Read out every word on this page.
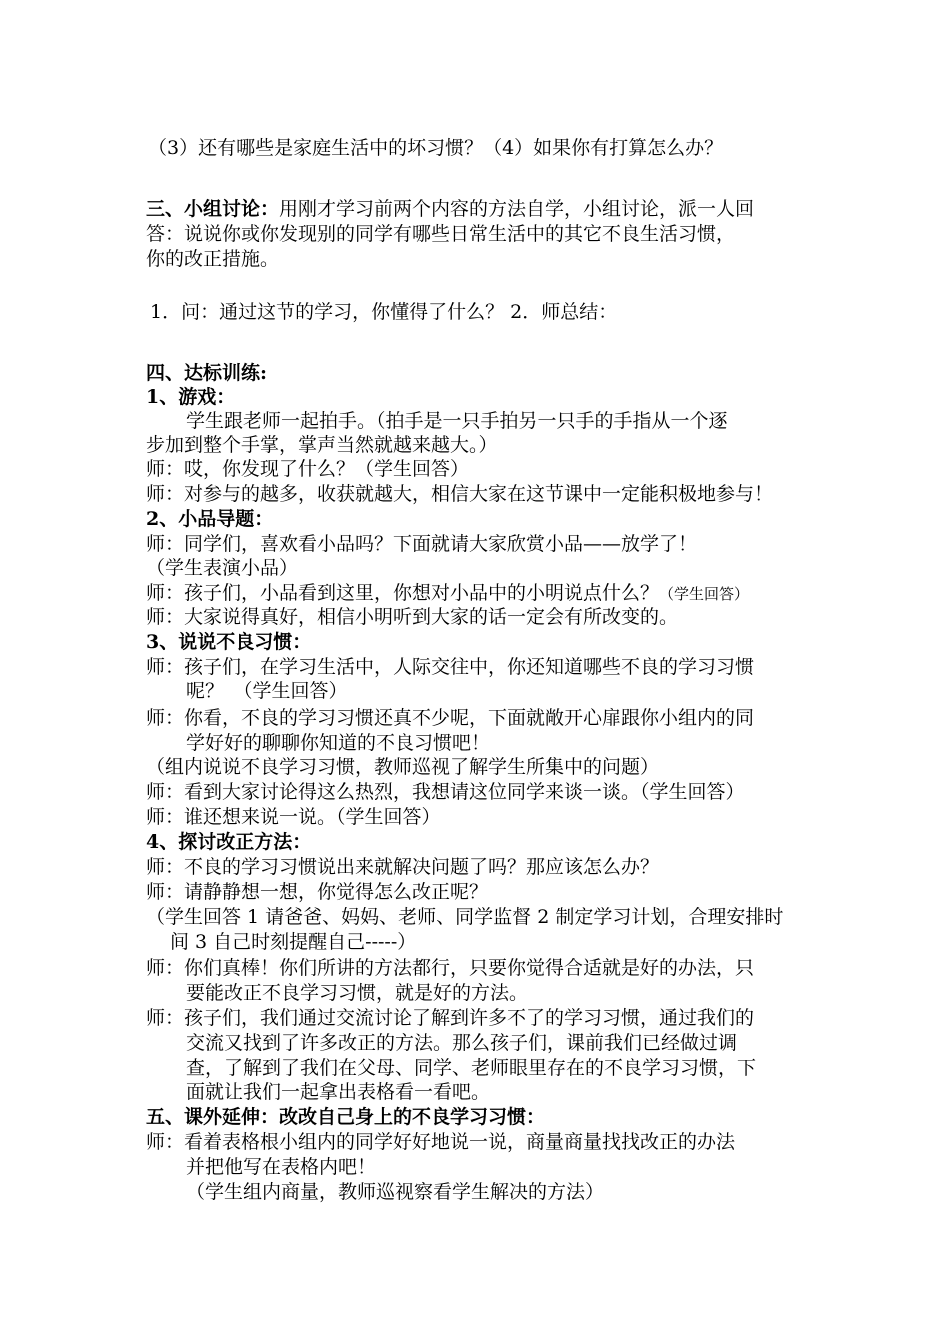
（3）还有哪些是家庭生活中的坏习惯？（4）如果你有打算怎么办？
三、小组讨论：用刚才学习前两个内容的方法自学，小组讨论，派一人回
答：说说你或你发现别的同学有哪些日常生活中的其它不良生活习惯，
你的改正措施。
1．问：通过这节的学习，你懂得了什么？ 2．师总结：
四、达标训练:
1、游戏：
学生跟老师一起拍手。（拍手是一只手拍另一只手的手指从一个逐
步加到整个手掌，掌声当然就越来越大。）
师：哎，你发现了什么？（学生回答）
师：对参与的越多，收获就越大，相信大家在这节课中一定能积极地参与！
2、小品导题：
师：同学们，喜欢看小品吗？下面就请大家欣赏小品——放学了！
（学生表演小品）
师：孩子们，小品看到这里，你想对小品中的小明说点什么？（学生回答）
师：大家说得真好，相信小明听到大家的话一定会有所改变的。
3、说说不良习惯：
师：孩子们，在学习生活中，人际交往中，你还知道哪些不良的学习习惯
呢？　（学生回答）
师：你看，不良的学习习惯还真不少呢，下面就敞开心扉跟你小组内的同
学好好的聊聊你知道的不良习惯吧！
（组内说说不良学习习惯，教师巡视了解学生所集中的问题）
师：看到大家讨论得这么热烈，我想请这位同学来谈一谈。（学生回答）
师：谁还想来说一说。（学生回答）
4、探讨改正方法：
师：不良的学习习惯说出来就解决问题了吗？那应该怎么办？
师：请静静想一想，你觉得怎么改正呢？
（学生回答 1 请爸爸、妈妈、老师、同学监督 2 制定学习计划，合理安排时
间 3 自己时刻提醒自己-----）
师：你们真棒！你们所讲的方法都行，只要你觉得合适就是好的办法，只
要能改正不良学习习惯，就是好的方法。
师：孩子们，我们通过交流讨论了解到许多不了的学习习惯，通过我们的
交流又找到了许多改正的方法。那么孩子们，课前我们已经做过调
查，了解到了我们在父母、同学、老师眼里存在的不良学习习惯，下
面就让我们一起拿出表格看一看吧。
五、课外延伸：改改自己身上的不良学习习惯：
师：看着表格根小组内的同学好好地说一说，商量商量找找改正的办法
并把他写在表格内吧！
（学生组内商量，教师巡视察看学生解决的方法）
